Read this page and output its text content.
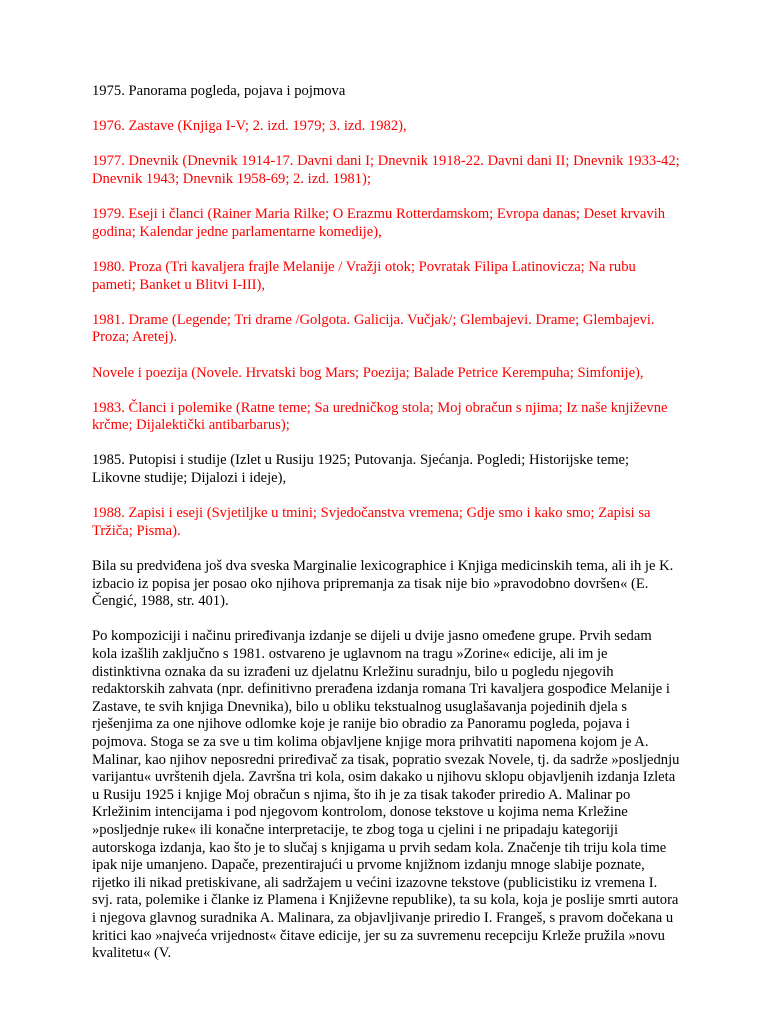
1975. Panorama pogleda, pojava i pojmova

1976. Zastave (Knjiga I-V; 2. izd. 1979; 3. izd. 1982),

1977. Dnevnik (Dnevnik 1914-17. Davni dani I; Dnevnik 1918-22. Davni dani II; Dnevnik 1933-42; Dnevnik 1943; Dnevnik 1958-69; 2. izd. 1981);

1979. Eseji i članci (Rainer Maria Rilke; O Erazmu Rotterdamskom; Evropa danas; Deset krvavih godina; Kalendar jedne parlamentarne komedije),

1980. Proza (Tri kavaljera frajle Melanije / Vražji otok; Povratak Filipa Latinovicza; Na rubu pameti; Banket u Blitvi I-III),

1981. Drame (Legende; Tri drame /Golgota. Galicija. Vučjak/; Glembajevi. Drame; Glembajevi. Proza; Aretej).

Novele i poezija (Novele. Hrvatski bog Mars; Poezija; Balade Petrice Kerempuha; Simfonije),

1983. Članci i polemike (Ratne teme; Sa uredničkog stola; Moj obračun s njima; Iz naše književne krčme; Dijalektički antibarbarus);

1985. Putopisi i studije (Izlet u Rusiju 1925; Putovanja. Sjećanja. Pogledi; Historijske teme; Likovne studije; Dijalozi i ideje),

1988. Zapisi i eseji (Svjetiljke u tmini; Svjedočanstva vremena; Gdje smo i kako smo; Zapisi sa Tržiča; Pisma).

Bila su predviđena još dva sveska Marginalie lexicographice i Knjiga medicinskih tema, ali ih je K. izbacio iz popisa jer posao oko njihova pripremanja za tisak nije bio »pravodobno dovršen« (E. Čengić, 1988, str. 401).

Po kompoziciji i načinu priređivanja izdanje se dijeli u dvije jasno omeđene grupe. Prvih sedam kola izašlih zaključno s 1981. ostvareno je uglavnom na tragu »Zorine« edicije, ali im je distinktivna oznaka da su izrađeni uz djelatnu Krležinu suradnju, bilo u pogledu njegovih redaktorskih zahvata (npr. definitivno prerađena izdanja romana Tri kavaljera gospođice Melanije i Zastave, te svih knjiga Dnevnika), bilo u obliku tekstualnog usuglašavanja pojedinih djela s rješenjima za one njihove odlomke koje je ranije bio obradio za Panoramu pogleda, pojava i pojmova. Stoga se za sve u tim kolima objavljene knjige mora prihvatiti napomena kojom je A. Malinar, kao njihov neposredni priređivač za tisak, popratio svezak Novele, tj. da sadrže »posljednju varijantu« uvrštenih djela. Završna tri kola, osim dakako u njihovu sklopu objavljenih izdanja Izleta u Rusiju 1925 i knjige Moj obračun s njima, što ih je za tisak također priredio A. Malinar po Krležinim intencijama i pod njegovom kontrolom, donose tekstove u kojima nema Krležine »posljednje ruke« ili konačne interpretacije, te zbog toga u cjelini i ne pripadaju kategoriji autorskoga izdanja, kao što je to slučaj s knjigama u prvih sedam kola. Značenje tih triju kola time ipak nije umanjeno. Dapače, prezentirajući u prvome knjižnom izdanju mnoge slabije poznate, rijetko ili nikad pretiskivane, ali sadržajem u većini izazovne tekstove (publicistiku iz vremena I. svj. rata, polemike i članke iz Plamena i Književne republike), ta su kola, koja je poslije smrti autora i njegova glavnog suradnika A. Malinara, za objavljivanje priredio I. Frangeš, s pravom dočekana u kritici kao »najveća vrijednost« čitave edicije, jer su za suvremenu recepciju Krleže pružila »novu kvalitetu« (V.
